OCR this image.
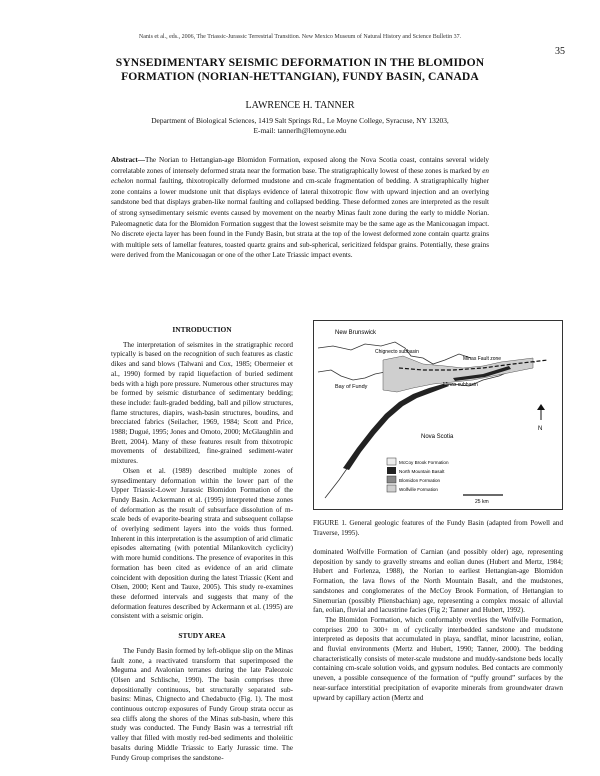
Nanis et al., eds., 2006, The Triassic-Jurassic Terrestrial Transition. New Mexico Museum of Natural History and Science Bulletin 37.
35
SYNSEDIMENTARY SEISMIC DEFORMATION IN THE BLOMIDON
FORMATION (NORIAN-HETTANGIAN), FUNDY BASIN, CANADA
LAWRENCE H. TANNER
Department of Biological Sciences, 1419 Salt Springs Rd., Le Moyne College, Syracuse, NY 13203,
E-mail: tannerlh@lemoyne.edu
Abstract—The Norian to Hettangian-age Blomidon Formation, exposed along the Nova Scotia coast, contains several widely correlatable zones of intensely deformed strata near the formation base. The stratigraphically lowest of these zones is marked by en echelon normal faulting, thixotropically deformed mudstone and cm-scale fragmentation of bedding. A stratigraphically higher zone contains a lower mudstone unit that displays evidence of lateral thixotropic flow with upward injection and an overlying sandstone bed that displays graben-like normal faulting and collapsed bedding. These deformed zones are interpreted as the result of strong synsedimentary seismic events caused by movement on the nearby Minas fault zone during the early to middle Norian. Paleomagnetic data for the Blomidon Formation suggest that the lowest seismite may be the same age as the Manicouagan impact. No discrete ejecta layer has been found in the Fundy Basin, but strata at the top of the lowest deformed zone contain quartz grains with multiple sets of lamellar features, toasted quartz grains and sub-spherical, sericitized feldspar grains. Potentially, these grains were derived from the Manicouagan or one of the other Late Triassic impact events.
INTRODUCTION

The interpretation of seismites in the stratigraphic record typically is based on the recognition of such features as clastic dikes and sand blows (Talwani and Cox, 1985; Obermeier et al., 1990) formed by rapid liquefaction of buried sediment beds with a high pore pressure. Numerous other structures may be formed by seismic disturbance of sedimentary bedding; these include: fault-graded bedding, ball and pillow structures, flame structures, diapirs, wash-basin structures, boudins, and brecciated fabrics (Seilacher, 1969, 1984; Scott and Price, 1988; Dugué, 1995; Jones and Omoto, 2000; McGlaughlin and Brett, 2004). Many of these features result from thixotropic movements of destabilized, fine-grained sediment-water mixtures.

Olsen et al. (1989) described multiple zones of synsedimentary deformation within the lower part of the Upper Triassic-Lower Jurassic Blomidon Formation of the Fundy Basin. Ackermann et al. (1995) interpreted these zones of deformation as the result of subsurface dissolution of m-scale beds of evaporite-bearing strata and subsequent collapse of overlying sediment layers into the voids thus formed. Inherent in this interpretation is the assumption of arid climatic episodes alternating (with potential Milankovitch cyclicity) with more humid conditions. The presence of evaporites in this formation has been cited as evidence of an arid climate coincident with deposition during the latest Triassic (Kent and Olsen, 2000; Kent and Tauxe, 2005). This study re-examines these deformed intervals and suggests that many of the deformation features described by Ackermann et al. (1995) are consistent with a seismic origin.

STUDY AREA

The Fundy Basin formed by left-oblique slip on the Minas fault zone, a reactivated transform that superimposed the Meguma and Avalonian terranes during the late Paleozoic (Olsen and Schlische, 1990). The basin comprises three depositionally continuous, but structurally separated sub-basins: Minas, Chignecto and Chedabucto (Fig. 1). The most continuous outcrop exposures of Fundy Group strata occur as sea cliffs along the shores of the Minas sub-basin, where this study was conducted. The Fundy Basin was a terrestrial rift valley that filled with mostly red-bed sediments and tholeiitic basalts during Middle Triassic to Early Jurassic time. The Fundy Group comprises the sandstone-

New Brunswick
Chignecto subbasin
Bay of Fundy	Minas subbasin
Minas Fault zone
Nova Scotia
N
McCoy Brook Formation
North Mountain Basalt
Blomidon Formation
Wolfville Formation
25 km
FIGURE 1. General geologic features of the Fundy Basin (adapted from Powell and Traverse, 1995).

dominated Wolfville Formation of Carnian (and possibly older) age, representing deposition by sandy to gravelly streams and eolian dunes (Hubert and Mertz, 1984; Hubert and Forlenza, 1988), the Norian to earliest Hettangian-age Blomidon Formation, the lava flows of the North Mountain Basalt, and the mudstones, sandstones and conglomerates of the McCoy Brook Formation, of Hettangian to Sinemurian (possibly Pliensbachian) age, representing a complex mosaic of alluvial fan, eolian, fluvial and lacustrine facies (Fig 2; Tanner and Hubert, 1992).

The Blomidon Formation, which conformably overlies the Wolfville Formation, comprises 200 to 300+ m of cyclically interbedded sandstone and mudstone interpreted as deposits that accumulated in playa, sandflat, minor lacustrine, eolian, and fluvial environments (Mertz and Hubert, 1990; Tanner, 2000). The bedding characteristically consists of meter-scale mudstone and muddy-sandstone beds locally containing cm-scale solution voids, and gypsum nodules. Bed contacts are commonly uneven, a possible consequence of the formation of “puffy ground” surfaces by the near-surface interstitial precipitation of evaporite minerals from groundwater drawn upward by capillary action (Mertz and
